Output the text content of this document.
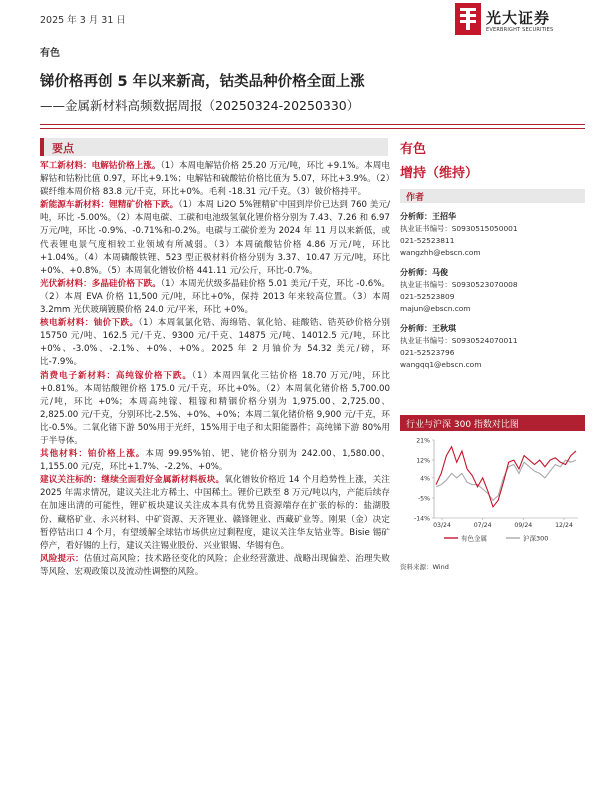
2025 年 3 月 31 日	光大证券
EVERBRIGHT SECURITIES
有色
锑价格再创 5 年以来新高，钴类品种价格全面上涨
——金属新材料高频数据周报（20250324-20250330）
要点

军工新材料：电解钴价格上涨。（1）本周电解钴价格 25.20 万元/吨，环比 +9.1%。本周电解钴和钴粉比值 0.97，环比+9.1%；电解钴和硫酸钴价格比值为 5.07，环比+3.9%。（2）碳纤维本周价格 83.8 元/千克，环比+0%。毛利 -18.31 元/千克。（3）铍价格持平。

新能源车新材料：锂精矿价格下跌。（1）本周 Li2O 5%锂精矿中国到岸价已达到 760 美元/吨，环比 -5.00%。（2）本周电碳、工碳和电池级氢氧化锂价格分别为 7.43、7.26 和 6.97 万元/吨，环比 -0.9%、-0.71%和-0.2%。电碳与工碳价差为 2024 年 11 月以来新低，或代表锂电景气度相较工业领域有所减弱。（3）本周硫酸钴价格 4.86 万元/吨，环比+1.04%。（4）本周磷酸铁锂、523 型正极材料价格分别为 3.37、10.47 万元/吨，环比+0%、+0.8%。（5）本周氧化镨钕价格 441.11 元/公斤，环比-0.7%。

光伏新材料：多晶硅价格下跌。（1）本周光伏级多晶硅价格 5.01 美元/千克，环比 -0.6%。（2）本周 EVA 价格 11,500 元/吨，环比+0%，保持 2013 年来较高位置。（3）本周 3.2mm 光伏玻璃镀膜价格 24.0 元/平米，环比 +0%。

核电新材料：铀价下跌。（1）本周氧氯化锆、海绵锆、氧化铪、硅酸锆、锆英砂价格分别 15750 元/吨、162.5 元/千克、9300 元/千克、14875 元/吨、14012.5 元/吨，环比+0%、-3.0%、-2.1%、+0%、+0%。2025 年 2 月铀价为 54.32 美元/磅，环比-7.9%。

消费电子新材料：高纯镓价格下跌。（1）本周四氧化三钴价格 18.70 万元/吨，环比+0.81%。本周钴酸锂价格 175.0 元/千克，环比+0%。（2）本周氧化锗价格 5,700.00 元/吨，环比 +0%；本周高纯镓、粗镓和精铟价格分别为 1,975.00、2,725.00、2,825.00 元/千克，分别环比-2.5%、+0%、+0%；本周二氧化锗价格 9,900 元/千克，环比-0.5%。二氧化锗下游 50%用于光纤，15%用于电子和太阳能器件；高纯锑下游 80%用于半导体。

其他材料：铂价格上涨。本周 99.95%铂、钯、铑价格分别为 242.00、1,580.00、1,155.00 元/克，环比+1.7%、-2.2%、+0%。

建议关注标的：继续全面看好金属新材料板块。氧化镨钕价格近 14 个月趋势性上涨，关注 2025 年需求情况，建议关注北方稀土、中国稀土。锂价已跌至 8 万元/吨以内，产能后续存在加速出清的可能性，锂矿板块建议关注成本具有优势且资源端存在扩张的标的：盐湖股份、藏格矿业、永兴材料、中矿资源、天齐锂业、赣锋锂业、西藏矿业等。刚果（金）决定暂停钴出口 4 个月，有望缓解全球钴市场供应过剩程度，建议关注华友钴业等。Bisie 锡矿停产，看好锡的上行，建议关注锡业股份、兴业银锡、华锡有色。

风险提示：估值过高风险；技术路径变化的风险；企业经营激进、战略出现偏差、治理失败等风险、宏观政策以及流动性调整的风险。

有色
增持（维持）
作者
分析师：王招华
执业证书编号：S0930515050001
021-52523811
wangzhh@ebscn.com
分析师：马俊
执业证书编号：S0930523070008
021-52523809
majun@ebscn.com
分析师：王秋琪
执业证书编号：S0930524070011
021-52523796
wangqq1@ebscn.com
行业与沪深 300 指数对比图
21%
12%
4%
-5%
-14%
03/24	07/24	09/24	12/24
有色金属	沪深300
资料来源：Wind
